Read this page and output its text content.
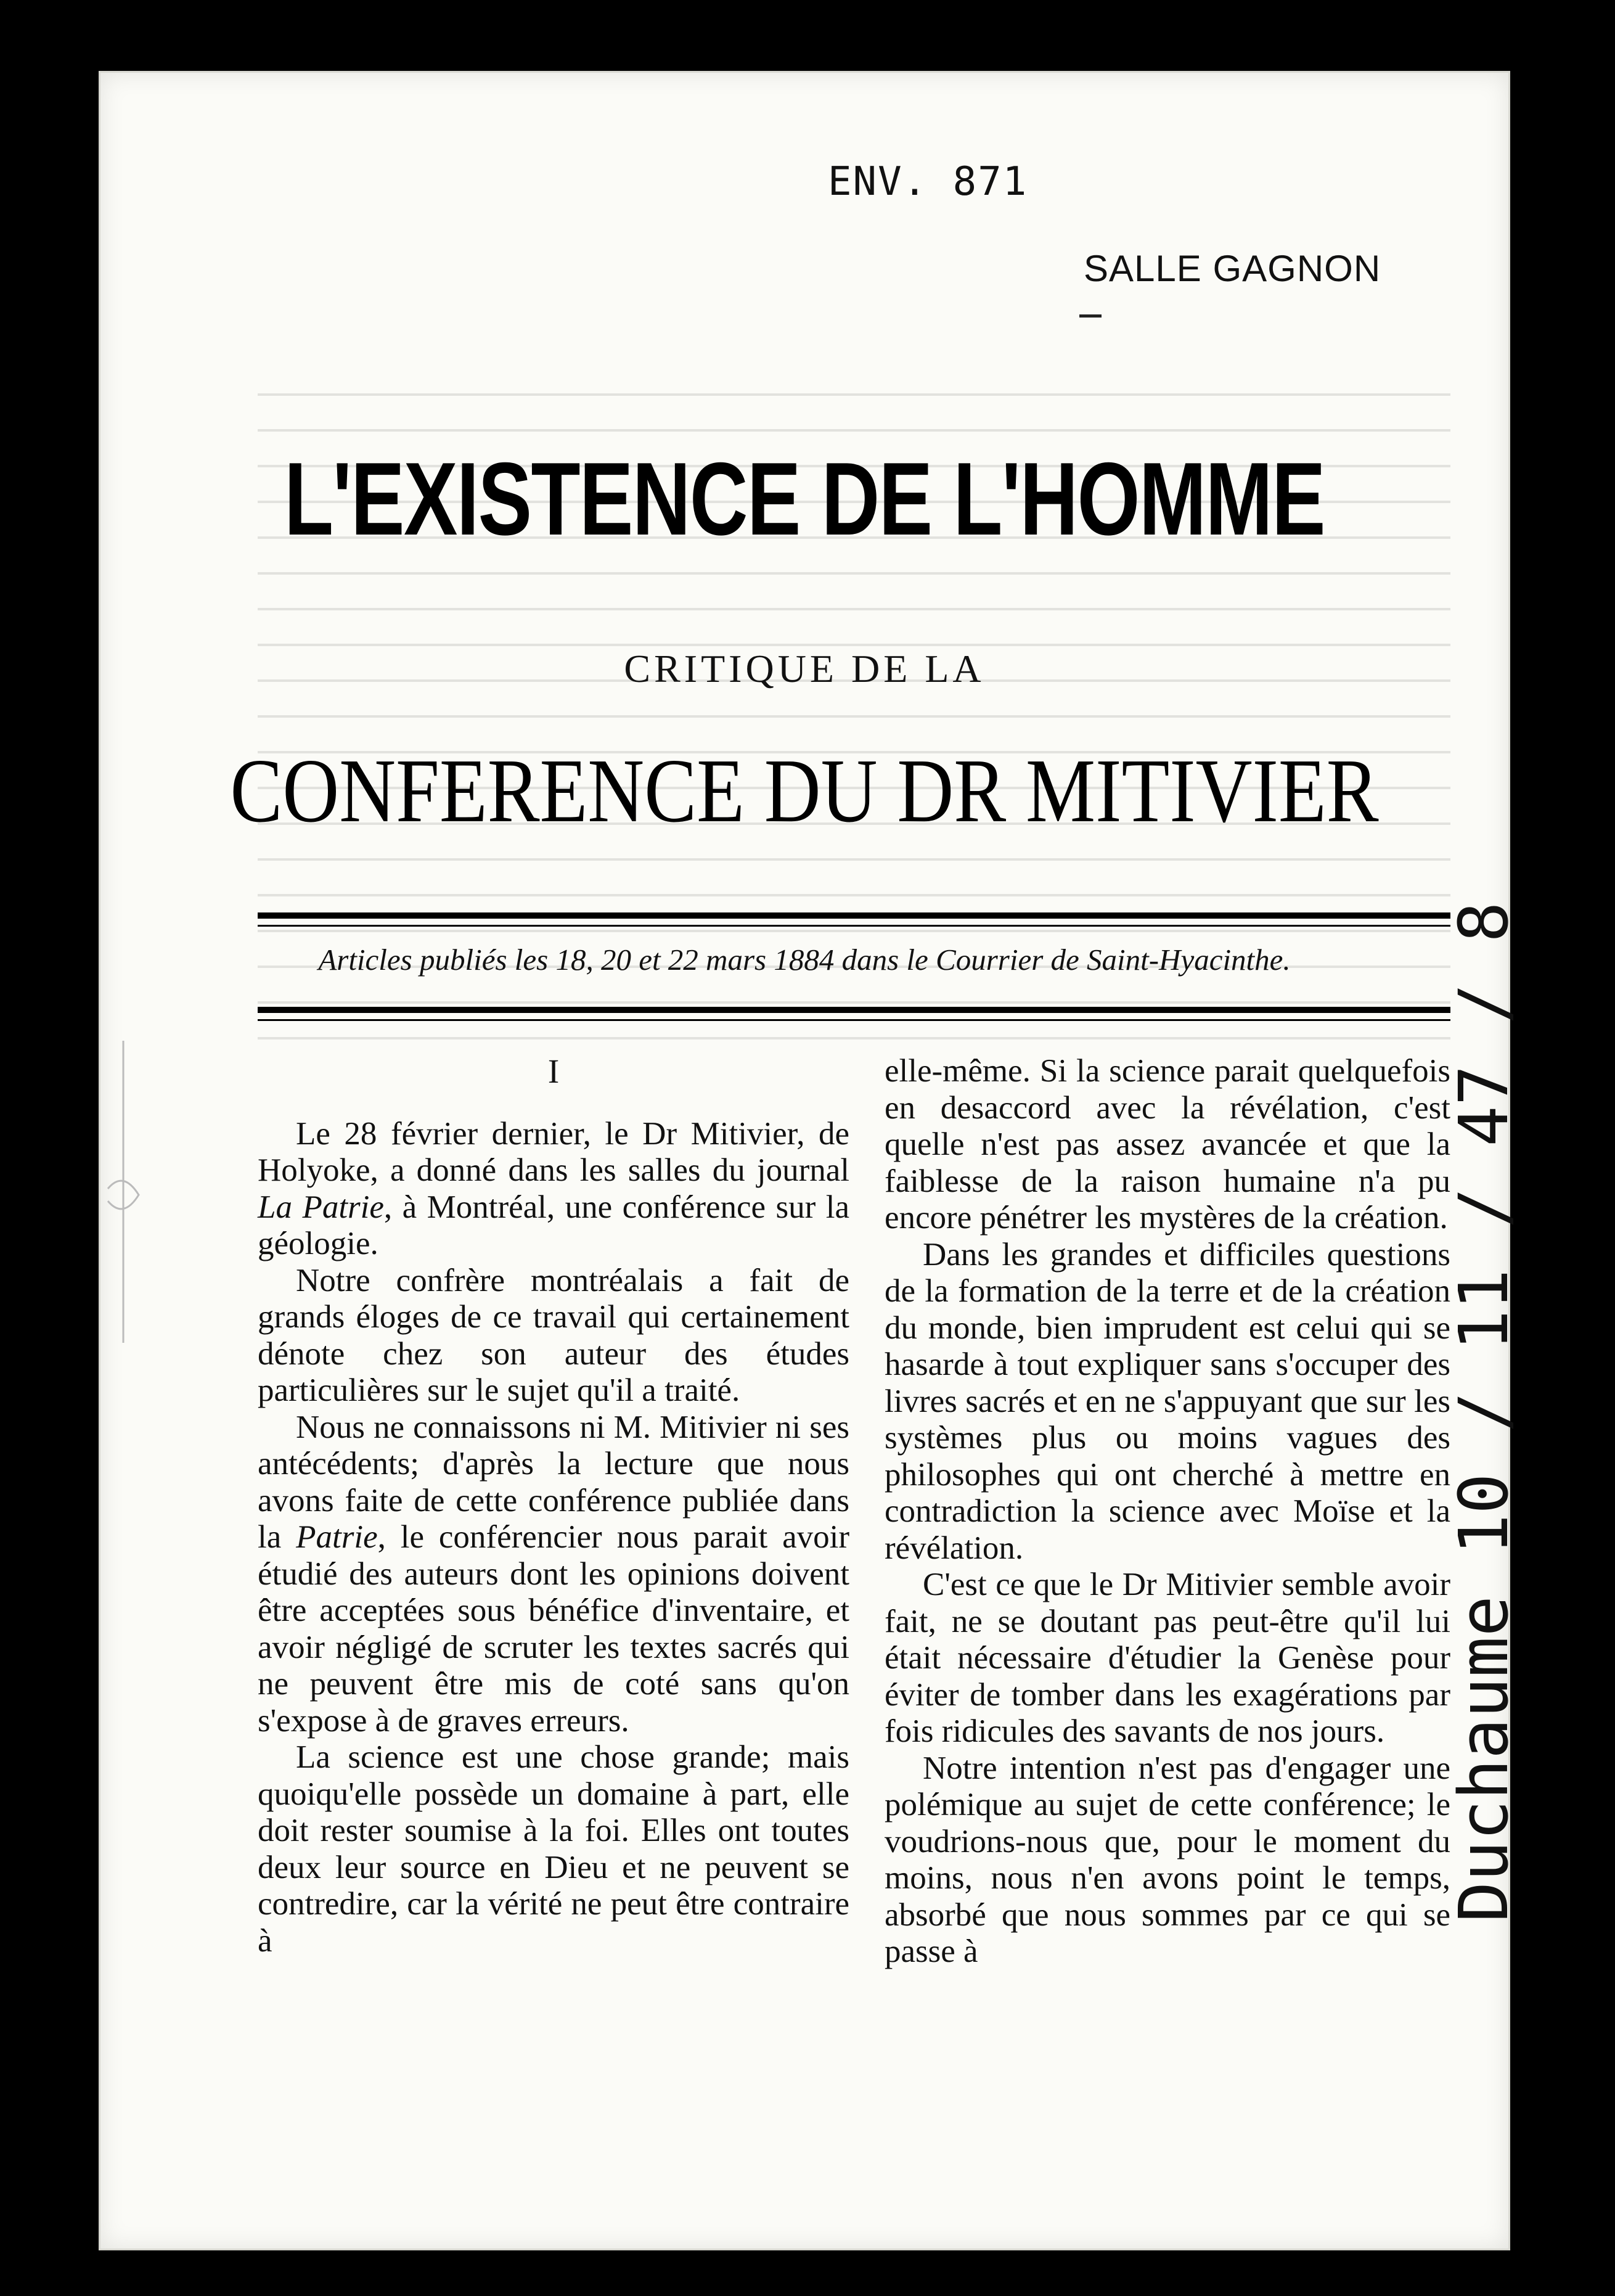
ENV. 871
SALLE GAGNON
L'EXISTENCE DE L'HOMME
CRITIQUE DE LA
CONFERENCE DU DR MITIVIER
Articles publiés les 18, 20 et 22 mars 1884 dans le Courrier de Saint-Hyacinthe.

I

Le 28 février dernier, le Dr Mitivier, de Holyoke, a donné dans les salles du journal La Patrie, à Montréal, une conférence sur la géologie.

Notre confrère montréalais a fait de grands éloges de ce travail qui certainement dénote chez son auteur des études particulières sur le sujet qu'il a traité.

Nous ne connaissons ni M. Mitivier ni ses antécédents; d'après la lecture que nous avons faite de cette conférence publiée dans la Patrie, le conférencier nous parait avoir étudié des auteurs dont les opinions doivent être acceptées sous bénéfice d'inventaire, et avoir négligé de scruter les textes sacrés qui ne peuvent être mis de coté sans qu'on s'expose à de graves erreurs.

La science est une chose grande; mais quoiqu'elle possède un domaine à part, elle doit rester soumise à la foi. Elles ont toutes deux leur source en Dieu et ne peuvent se contredire, car la vérité ne peut être contraire à

elle-même. Si la science parait quelquefois en desaccord avec la révélation, c'est quelle n'est pas assez avancée et que la faiblesse de la raison humaine n'a pu encore pénétrer les mystères de la création.

Dans les grandes et difficiles questions de la formation de la terre et de la création du monde, bien imprudent est celui qui se hasarde à tout expliquer sans s'occuper des livres sacrés et en ne s'appuyant que sur les systèmes plus ou moins vagues des philosophes qui ont cherché à mettre en contradiction la science avec Moïse et la révélation.

C'est ce que le Dr Mitivier semble avoir fait, ne se doutant pas peut-être qu'il lui était nécessaire d'étudier la Genèse pour éviter de tomber dans les exagérations par fois ridicules des savants de nos jours.

Notre intention n'est pas d'engager une polémique au sujet de cette conférence; le voudrions-nous que, pour le moment du moins, nous n'en avons point le temps, absorbé que nous sommes par ce qui se passe à

Duchaume 10 / 11 / 47 / 8
